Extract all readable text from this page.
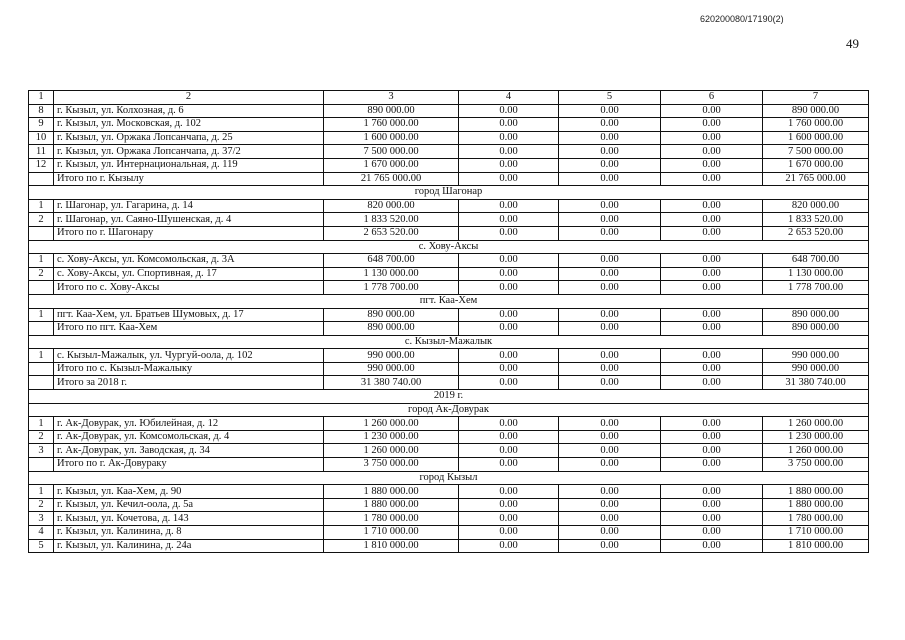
620200080/17190(2)
49
1	2	3	4	5	6	7
8	г. Кызыл, ул. Колхозная, д. 6	890 000.00	0.00	0.00	0.00	890 000.00
9	г. Кызыл, ул. Московская, д. 102	1 760 000.00	0.00	0.00	0.00	1 760 000.00
10	г. Кызыл, ул. Оржака Лопсанчапа, д. 25	1 600 000.00	0.00	0.00	0.00	1 600 000.00
11	г. Кызыл, ул. Оржака Лопсанчапа, д. 37/2	7 500 000.00	0.00	0.00	0.00	7 500 000.00
12	г. Кызыл, ул. Интернациональная, д. 119	1 670 000.00	0.00	0.00	0.00	1 670 000.00
	Итого по г. Кызылу	21 765 000.00	0.00	0.00	0.00	21 765 000.00
город Шагонар						
1	г. Шагонар, ул. Гагарина, д. 14	820 000.00	0.00	0.00	0.00	820 000.00
2	г. Шагонар, ул. Саяно-Шушенская, д. 4	1 833 520.00	0.00	0.00	0.00	1 833 520.00
	Итого по г. Шагонару	2 653 520.00	0.00	0.00	0.00	2 653 520.00
с. Хову-Аксы						
1	с. Хову-Аксы, ул. Комсомольская, д. 3А	648 700.00	0.00	0.00	0.00	648 700.00
2	с. Хову-Аксы, ул. Спортивная, д. 17	1 130 000.00	0.00	0.00	0.00	1 130 000.00
	Итого по с. Хову-Аксы	1 778 700.00	0.00	0.00	0.00	1 778 700.00
пгт. Каа-Хем						
1	пгт. Каа-Хем, ул. Братьев Шумовых, д. 17	890 000.00	0.00	0.00	0.00	890 000.00
	Итого по пгт. Каа-Хем	890 000.00	0.00	0.00	0.00	890 000.00
с. Кызыл-Мажалык						
1	с. Кызыл-Мажалык, ул. Чургуй-оола, д. 102	990 000.00	0.00	0.00	0.00	990 000.00
	Итого по с. Кызыл-Мажалыку	990 000.00	0.00	0.00	0.00	990 000.00
	Итого за 2018 г.	31 380 740.00	0.00	0.00	0.00	31 380 740.00
2019 г.						
город Ак-Довурак						
1	г. Ак-Довурак, ул. Юбилейная, д. 12	1 260 000.00	0.00	0.00	0.00	1 260 000.00
2	г. Ак-Довурак, ул. Комсомольская, д. 4	1 230 000.00	0.00	0.00	0.00	1 230 000.00
3	г. Ак-Довурак, ул. Заводская, д. 34	1 260 000.00	0.00	0.00	0.00	1 260 000.00
	Итого по г. Ак-Довураку	3 750 000.00	0.00	0.00	0.00	3 750 000.00
город Кызыл						
1	г. Кызыл, ул. Каа-Хем, д. 90	1 880 000.00	0.00	0.00	0.00	1 880 000.00
2	г. Кызыл, ул. Кечил-оола, д. 5а	1 880 000.00	0.00	0.00	0.00	1 880 000.00
3	г. Кызыл, ул. Кочетова, д. 143	1 780 000.00	0.00	0.00	0.00	1 780 000.00
4	г. Кызыл, ул. Калинина, д. 8	1 710 000.00	0.00	0.00	0.00	1 710 000.00
5	г. Кызыл, ул. Калинина, д. 24а	1 810 000.00	0.00	0.00	0.00	1 810 000.00
